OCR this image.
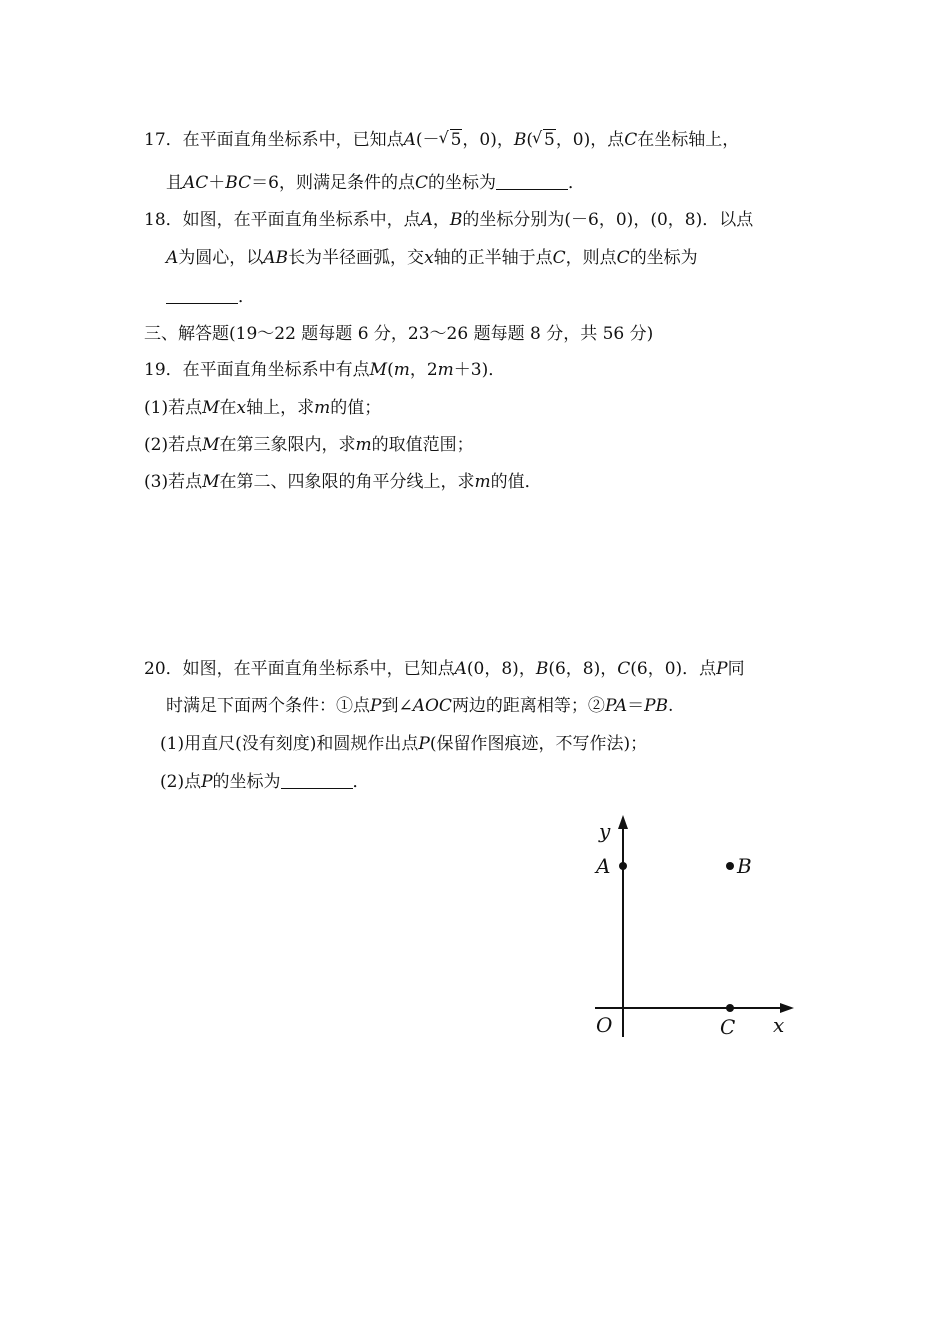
17．在平面直角坐标系中，已知点A(－ √ 5，0)，B( √ 5，0)，点C在坐标轴上，
且AC＋BC＝6，则满足条件的点C的坐标为	．
18．如图，在平面直角坐标系中，点A，B的坐标分别为(－6，0)，(0，8)．以点
A为圆心，以AB长为半径画弧，交x轴的正半轴于点C，则点C的坐标为
．
三、解答题(19～22 题每题 6 分，23～26 题每题 8 分，共 56 分)
19．在平面直角坐标系中有点M(m，2m＋3)．
(1)若点M在x轴上，求m的值；
(2)若点M在第三象限内，求m的取值范围；
(3)若点M在第二、四象限的角平分线上，求m的值．
20．如图，在平面直角坐标系中，已知点A(0，8)，B(6，8)，C(6，0)．点P同
时满足下面两个条件：①点P到∠AOC两边的距离相等；②PA＝PB.
(1)用直尺(没有刻度)和圆规作出点P(保留作图痕迹，不写作法)；
(2)点P的坐标为	．
y
A	B
O	C x
